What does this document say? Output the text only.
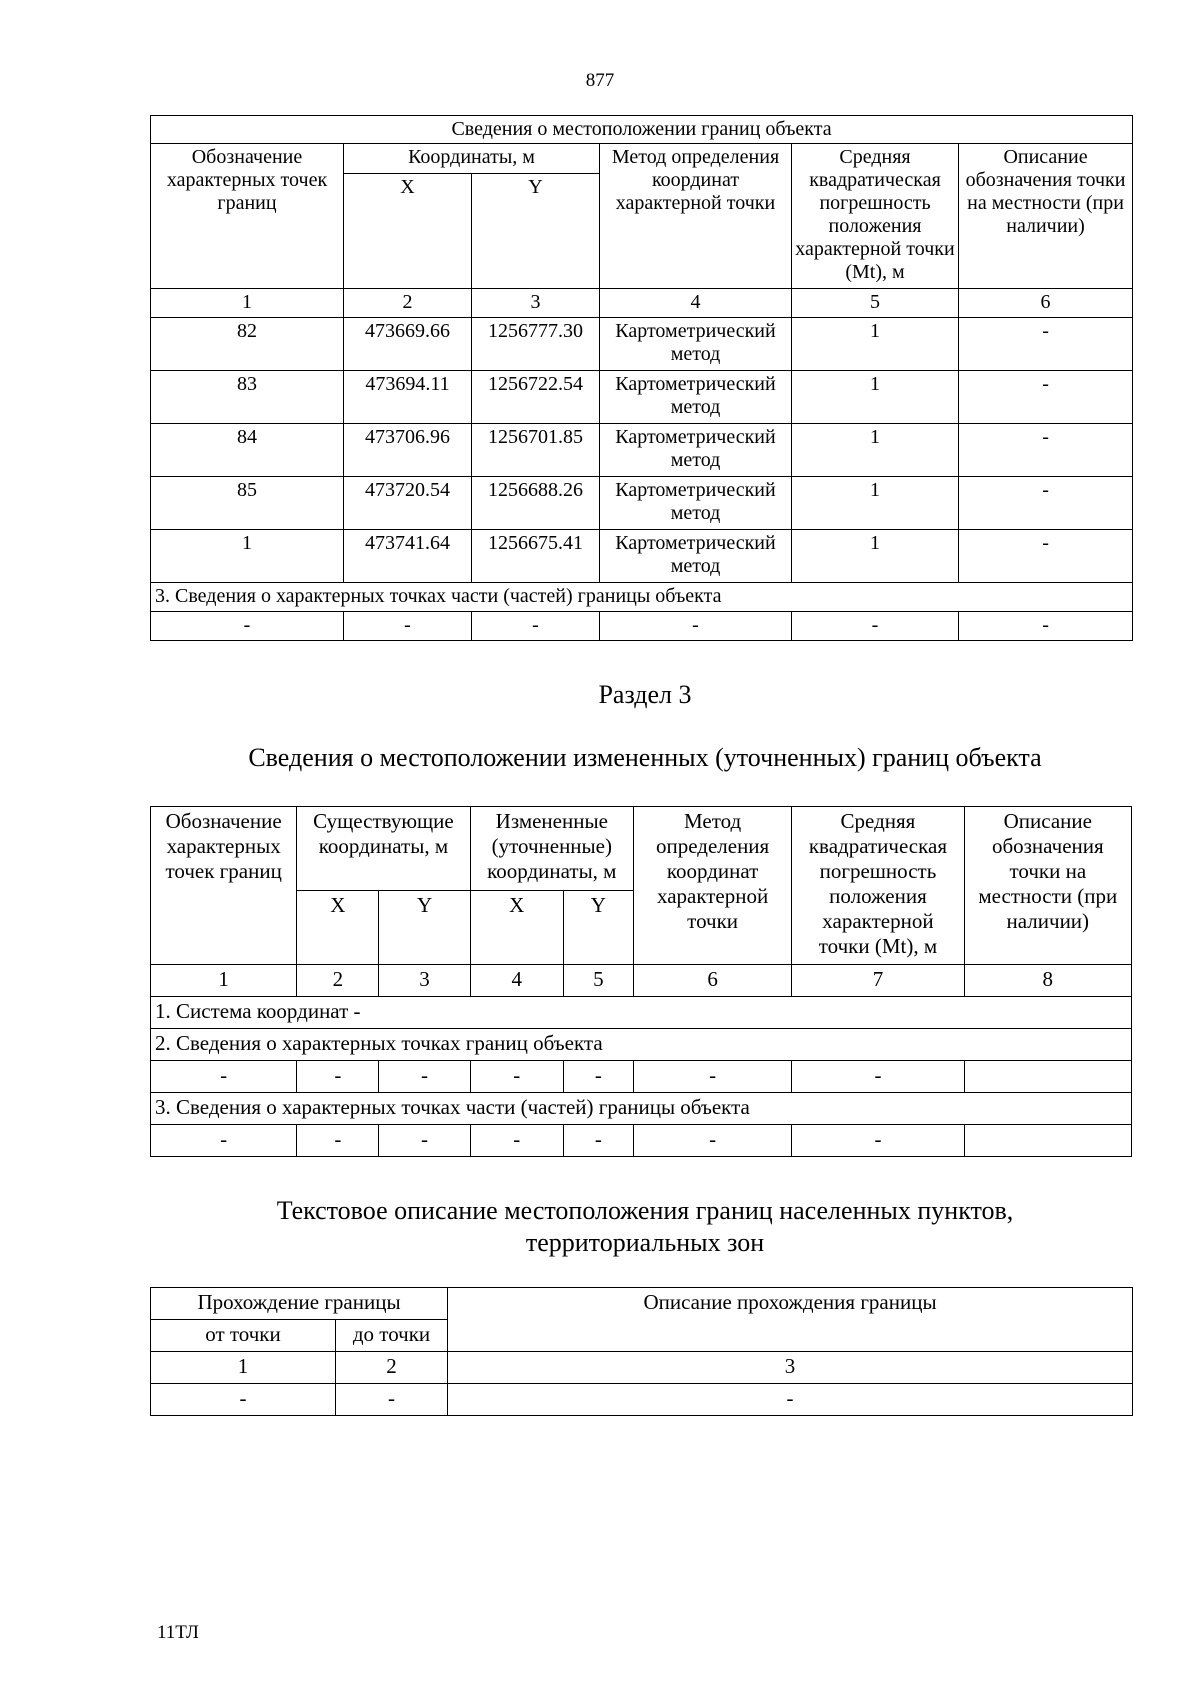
877
Сведения о местоположении границ объекта					
Обозначение характерных точек границ	Координаты, м		Метод определения координат характерной точки	Средняя квадратическая погрешность положения характерной точки (Mt), м	Описание обозначения точки на местности (при наличии)
	X	Y			
1	2	3	4	5	6
82	473669.66	1256777.30	Картометрический метод	1	-
83	473694.11	1256722.54	Картометрический метод	1	-
84	473706.96	1256701.85	Картометрический метод	1	-
85	473720.54	1256688.26	Картометрический метод	1	-
1	473741.64	1256675.41	Картометрический метод	1	-
3. Сведения о характерных точках части (частей) границы объекта					
-	-	-	-	-	-
Раздел 3
Сведения о местоположении измененных (уточненных) границ объекта
Обозначение характерных точек границ	Существующие координаты, м		Измененные (уточненные) координаты, м		Метод определения координат характерной точки	Средняя квадратическая погрешность положения характерной точки (Mt), м	Описание обозначения точки на местности (при наличии)
	X	Y	X	Y			
1	2	3	4	5	6	7	8
1. Система координат -							
2. Сведения о характерных точках границ объекта							
-	-	-	-	-	-	-	
3. Сведения о характерных точках части (частей) границы объекта							
-	-	-	-	-	-	-	
Текстовое описание местоположения границ населенных пунктов,
территориальных зон
Прохождение границы		Описание прохождения границы
от точки	до точки	
1	2	3
-	-	-
11ТЛ
